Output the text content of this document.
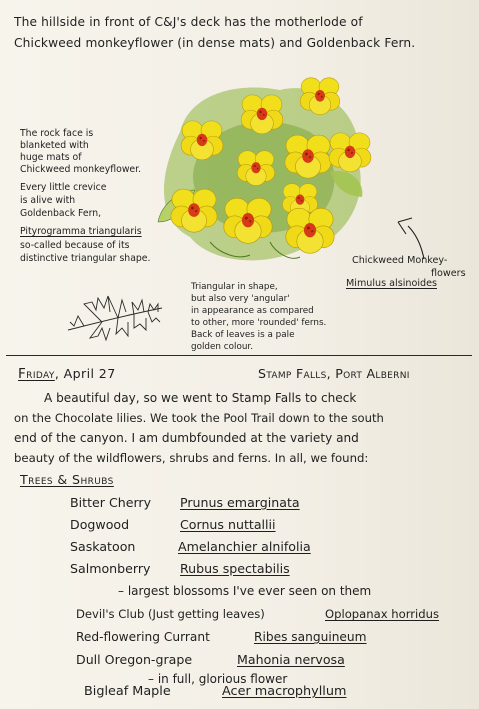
The hillside in front of C&J's deck has the motherlode of
Chickweed monkeyflower (in dense mats) and Goldenback Fern.
The rock face is
blanketed with
huge mats of
Chickweed monkeyflower.
Every little crevice
is alive with
Goldenback Fern,
Pityrogramma triangularis
so-called because of its
distinctive triangular shape.	Chickweed Monkey-
flowers
Mimulus alsinoides
Triangular in shape,
but also very 'angular'
in appearance as compared
to other, more 'rounded' ferns.
Back of leaves is a pale
golden colour.
Friday, April 27	Stamp Falls, Port Alberni
A beautiful day, so we went to Stamp Falls to check
on the Chocolate lilies. We took the Pool Trail down to the south
end of the canyon. I am dumbfounded at the variety and
beauty of the wildflowers, shrubs and ferns. In all, we found:
Trees & Shrubs
Bitter Cherry Prunus emarginata
Dogwood	Cornus nuttallii
Saskatoon	Amelanchier alnifolia
Salmonberry Rubus spectabilis
– largest blossoms I've ever seen on them
Devil's Club (Just getting leaves)	Oplopanax horridus
Red-flowering Currant	Ribes sanguineum
Dull Oregon-grape	Mahonia nervosa
– in full, glorious flower
Bigleaf Maple	Acer macrophyllum
